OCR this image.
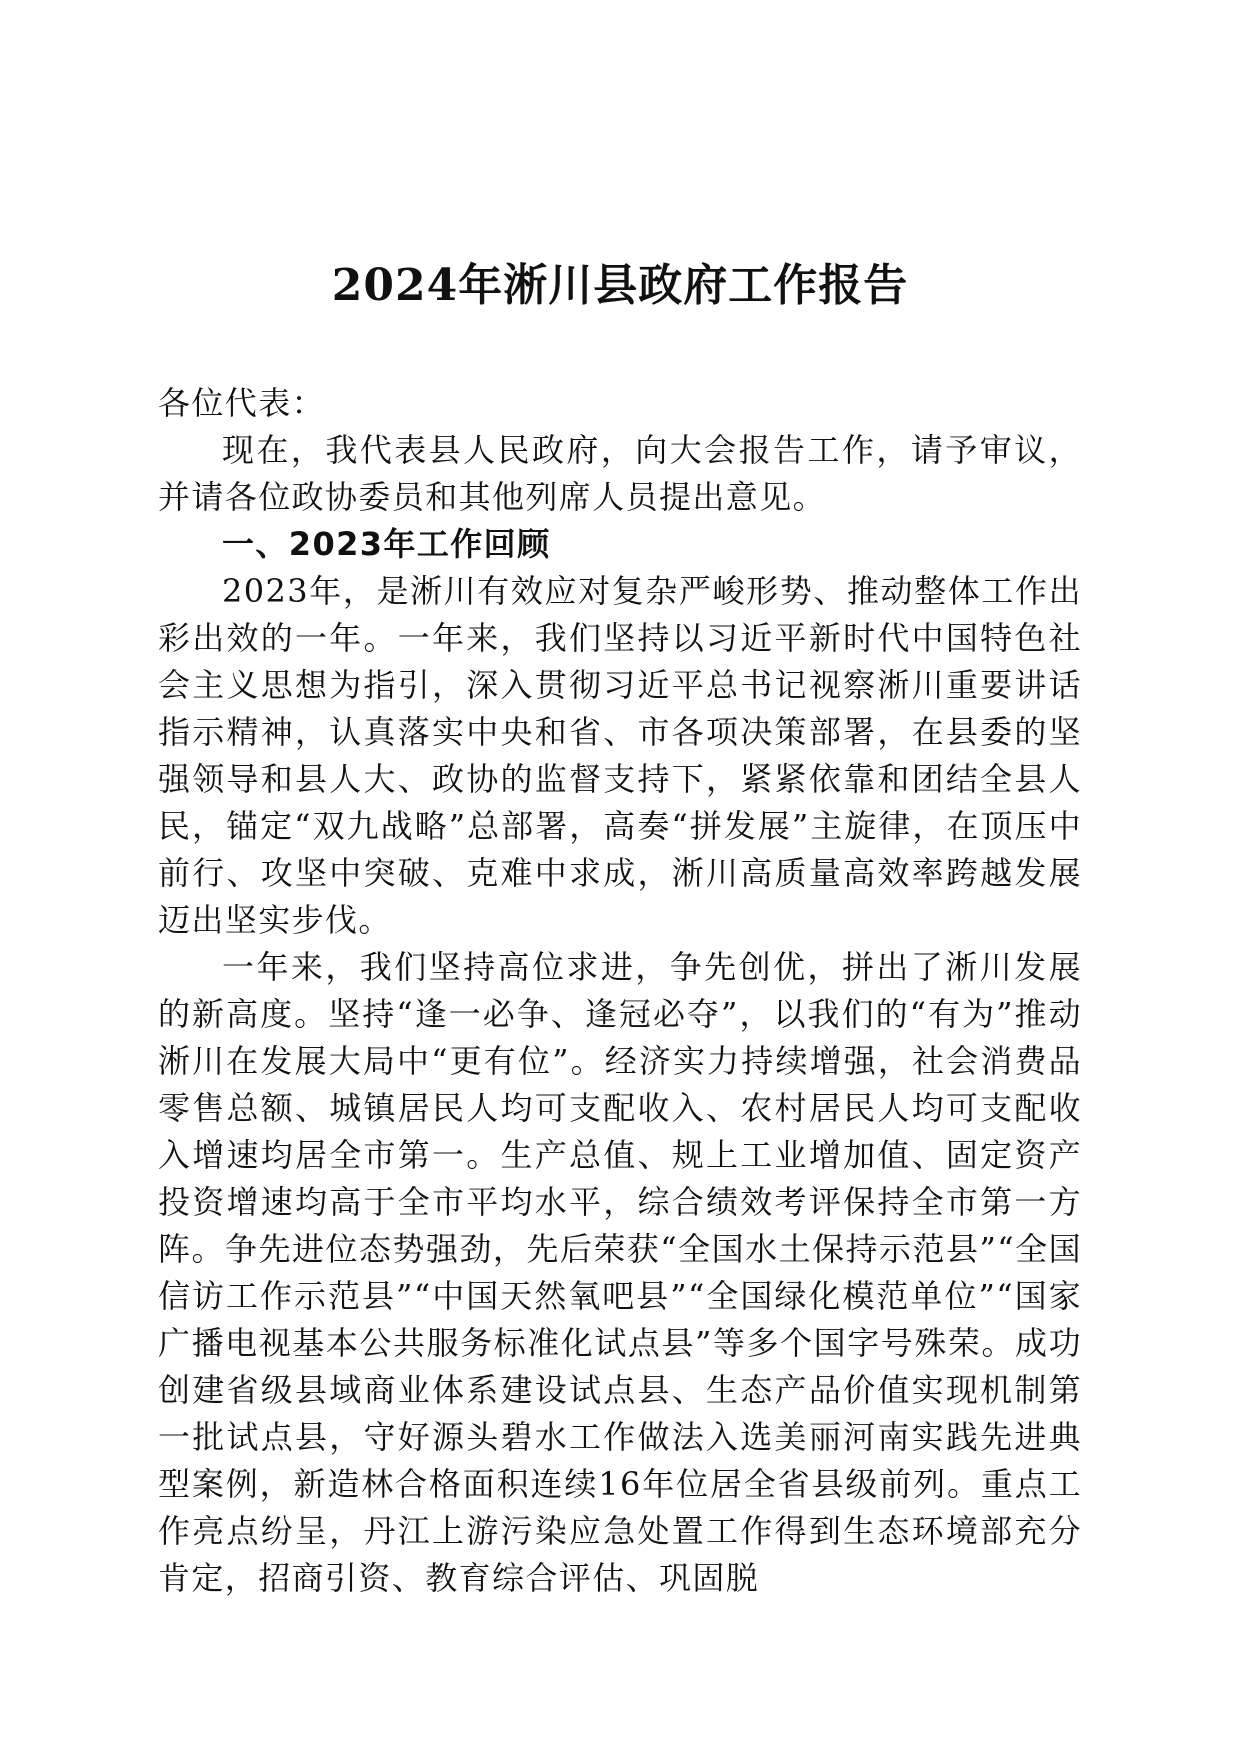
2024年淅川县政府工作报告

各位代表：

现在，我代表县人民政府，向大会报告工作，请予审议，并请各位政协委员和其他列席人员提出意见。

一、2023年工作回顾

2023年，是淅川有效应对复杂严峻形势、推动整体工作出彩出效的一年。一年来，我们坚持以习近平新时代中国特色社会主义思想为指引，深入贯彻习近平总书记视察淅川重要讲话指示精神，认真落实中央和省、市各项决策部署，在县委的坚强领导和县人大、政协的监督支持下，紧紧依靠和团结全县人民，锚定“双九战略”总部署，高奏“拼发展”主旋律，在顶压中前行、攻坚中突破、克难中求成，淅川高质量高效率跨越发展迈出坚实步伐。

一年来，我们坚持高位求进，争先创优，拼出了淅川发展的新高度。坚持“逢一必争、逢冠必夺”，以我们的“有为”推动淅川在发展大局中“更有位”。经济实力持续增强，社会消费品零售总额、城镇居民人均可支配收入、农村居民人均可支配收入增速均居全市第一。生产总值、规上工业增加值、固定资产投资增速均高于全市平均水平，综合绩效考评保持全市第一方阵。争先进位态势强劲，先后荣获“全国水土保持示范县”“全国信访工作示范县”“中国天然氧吧县”“全国绿化模范单位”“国家广播电视基本公共服务标准化试点县”等多个国字号殊荣。成功创建省级县域商业体系建设试点县、生态产品价值实现机制第一批试点县，守好源头碧水工作做法入选美丽河南实践先进典型案例，新造林合格面积连续16年位居全省县级前列。重点工作亮点纷呈，丹江上游污染应急处置工作得到生态环境部充分肯定，招商引资、教育综合评估、巩固脱
